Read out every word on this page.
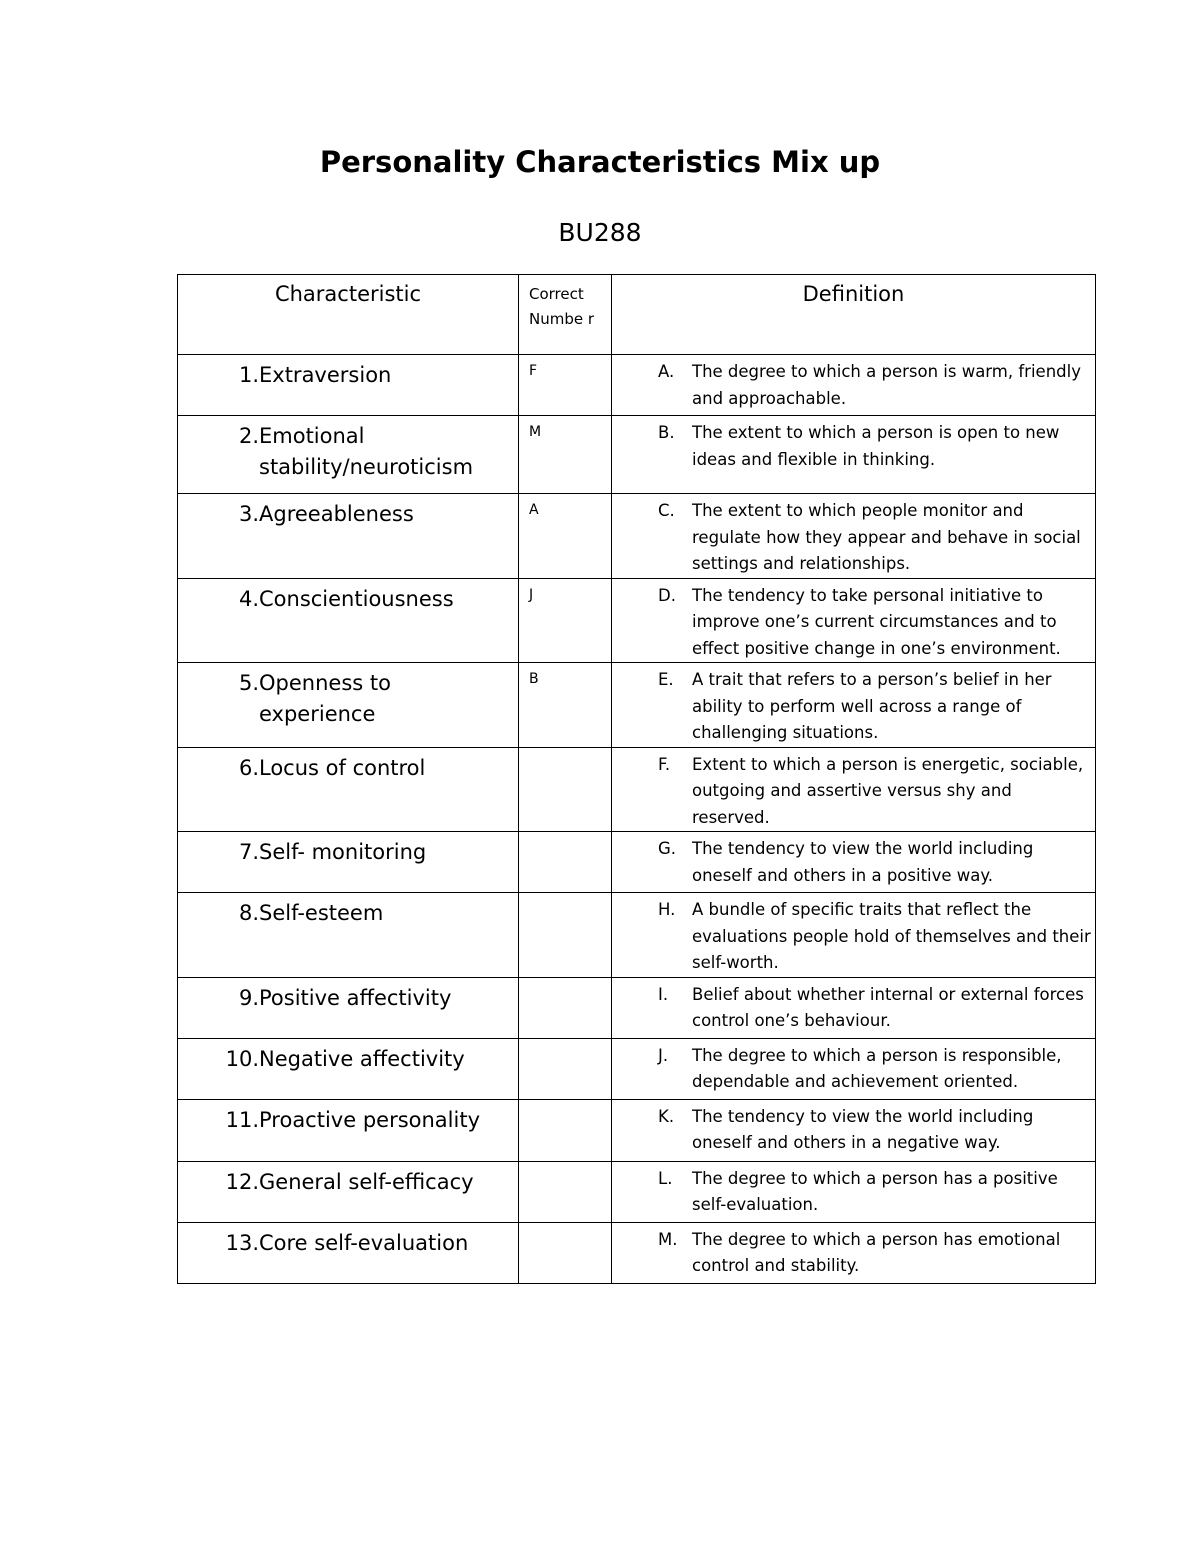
Personality Characteristics Mix up

BU288

Characteristic	Correct Numbe r	Definition

1. Extraversion	F	A. The degree to which a person is warm, friendly and approachable.

2. Emotional stability/neuroticism	M	B. The extent to which a person is open to new ideas and flexible in thinking.

3. Agreeableness	A	C. The extent to which people monitor and regulate how they appear and behave in social settings and relationships.

4. Conscientiousness	J	D. The tendency to take personal initiative to improve one’s current circumstances and to effect positive change in one’s environment.

5. Openness to experience	B	E. A trait that refers to a person’s belief in her ability to perform well across a range of challenging situations.

6. Locus of control		F. Extent to which a person is energetic, sociable, outgoing and assertive versus shy and reserved.

7. Self- monitoring		G. The tendency to view the world including oneself and others in a positive way.

8. Self-esteem		H. A bundle of specific traits that reflect the evaluations people hold of themselves and their self-worth.

9. Positive affectivity		I. Belief about whether internal or external forces control one’s behaviour.

10. Negative affectivity		J. The degree to which a person is responsible, dependable and achievement oriented.

11. Proactive personality		K. The tendency to view the world including oneself and others in a negative way.

12. General self-efficacy		L. The degree to which a person has a positive self-evaluation.

13. Core self-evaluation		M. The degree to which a person has emotional control and stability.
